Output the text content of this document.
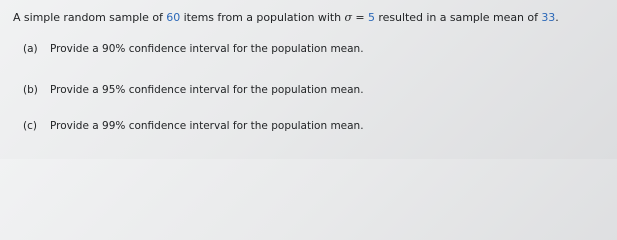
A simple random sample of 60 items from a population with σ = 5 resulted in a sample mean of 33.
(a) Provide a 90% confidence interval for the population mean.
(b) Provide a 95% confidence interval for the population mean.
(c) Provide a 99% confidence interval for the population mean.
